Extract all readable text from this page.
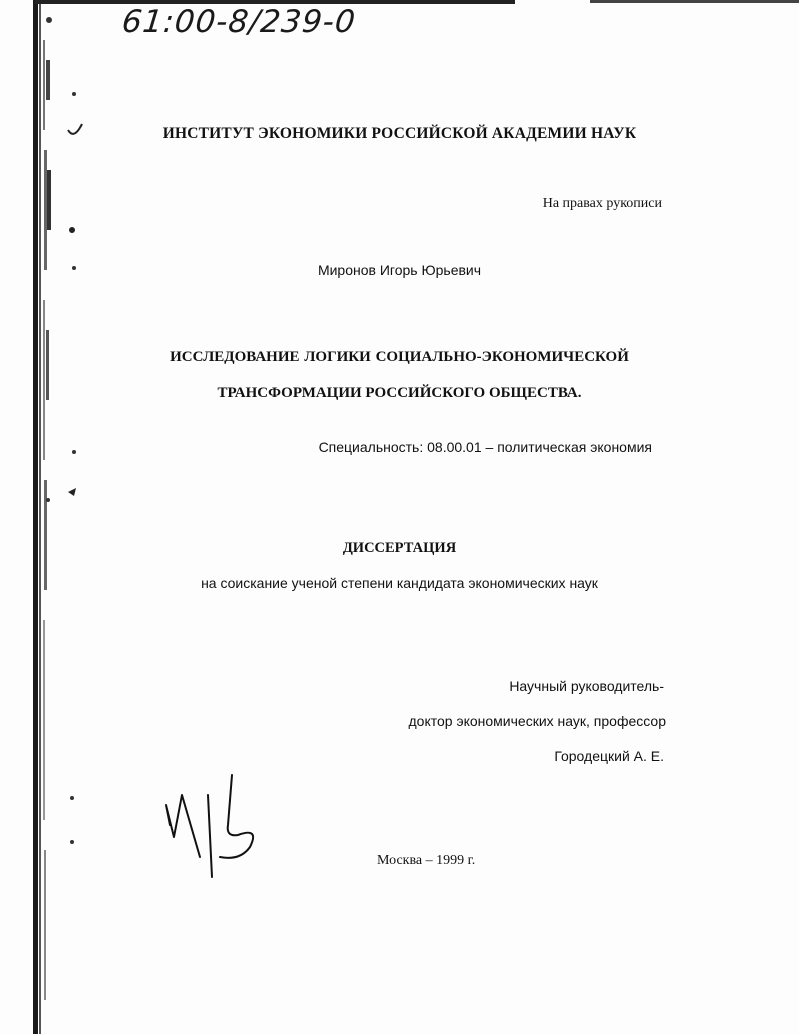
61:00-8/239-0

ИНСТИТУТ ЭКОНОМИКИ РОССИЙСКОЙ АКАДЕМИИ НАУК

На правах рукописи

Миронов Игорь Юрьевич

ИССЛЕДОВАНИЕ ЛОГИКИ СОЦИАЛЬНО-ЭКОНОМИЧЕСКОЙ

ТРАНСФОРМАЦИИ РОССИЙСКОГО ОБЩЕСТВА.

Специальность: 08.00.01 – политическая экономия

ДИССЕРТАЦИЯ

на соискание ученой степени кандидата экономических наук

Научный руководитель-

доктор экономических наук, профессор

Городецкий А. Е.

Москва – 1999 г.
